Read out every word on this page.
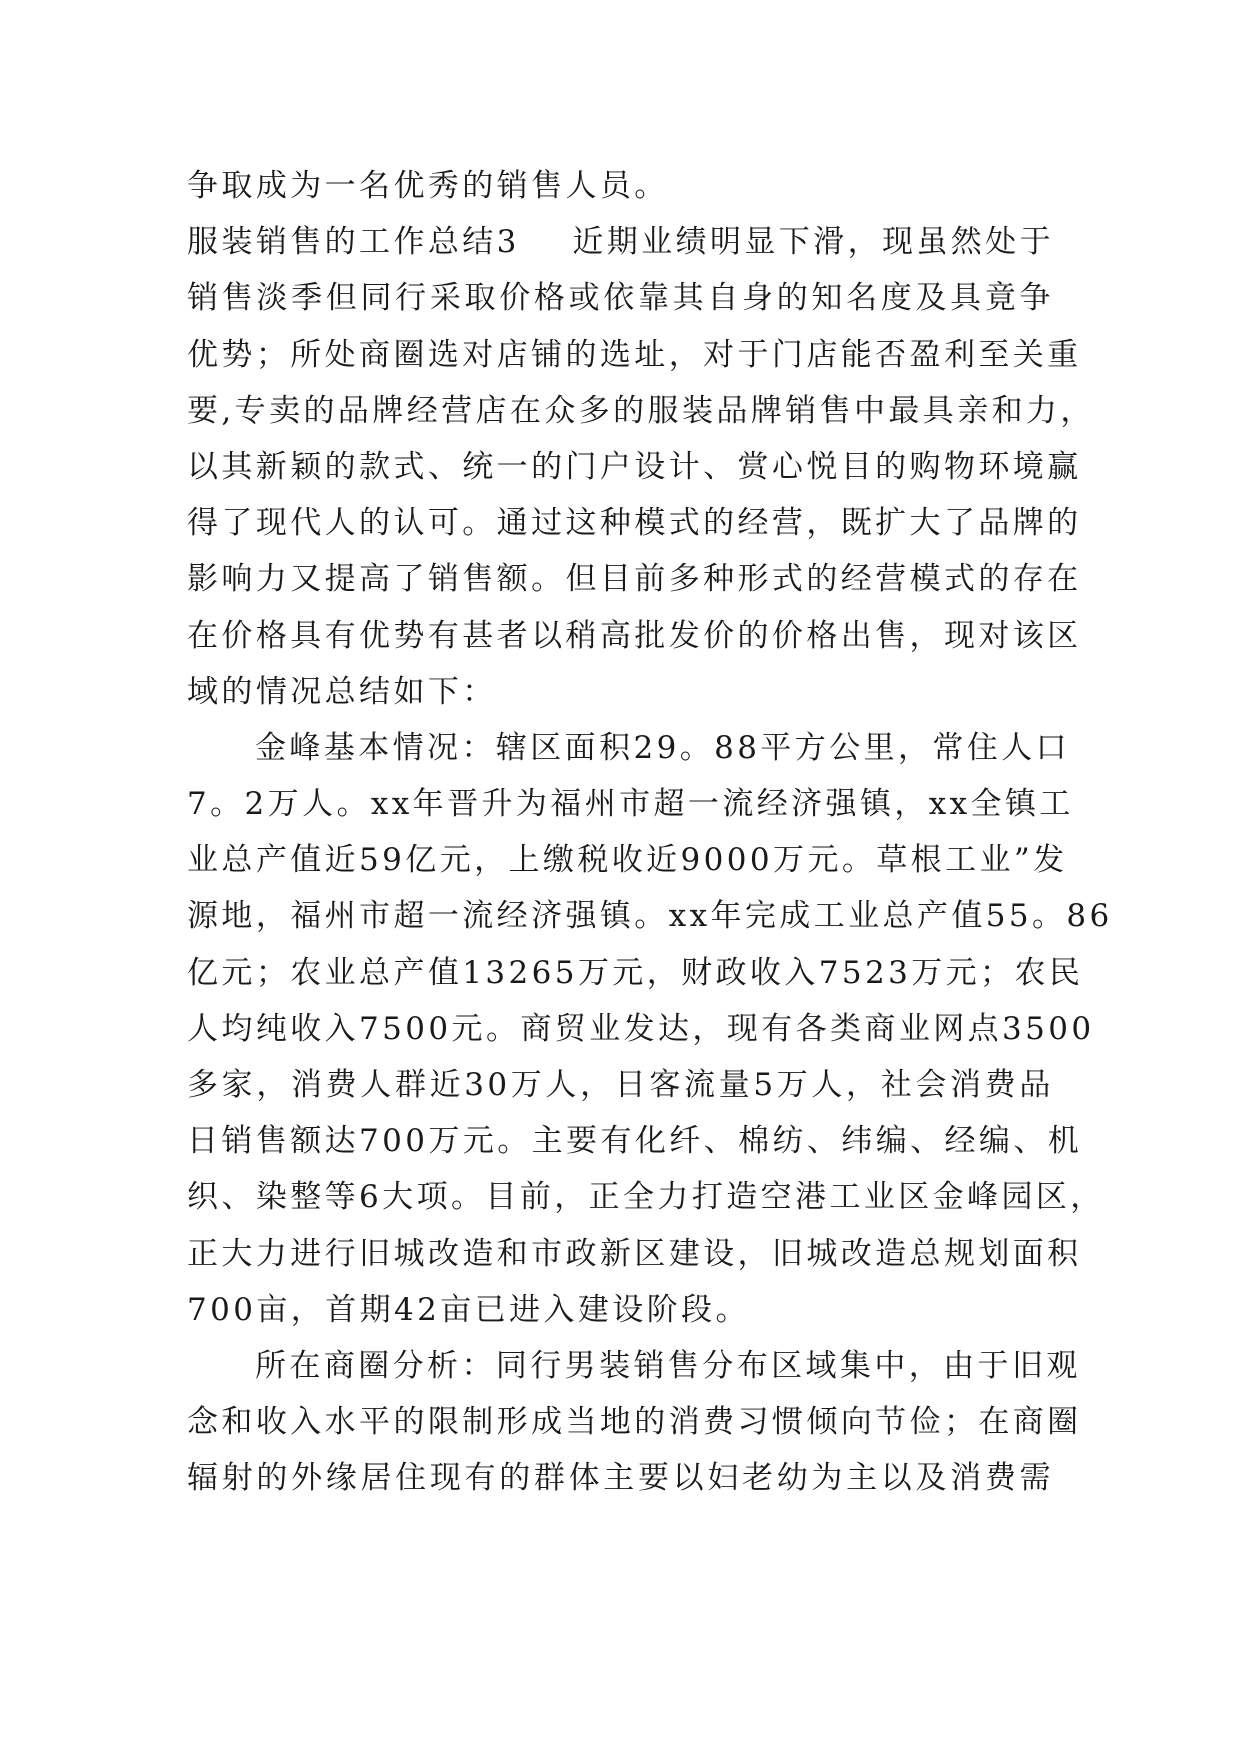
争 取 成 为 一 名 优 秀 的 销 售 人 员 。
服 装 销 售 的 工 作 总 结 3 近 期 业 绩 明 显 下 滑 ， 现 虽 然 处 于
销 售 淡 季 但 同 行 采 取 价 格 或 依 靠 其 自 身 的 知 名 度 及 具 竟 争
优 势 ； 所 处 商 圈 选 对 店 铺 的 选 址 ， 对 于 门 店 能 否 盈 利 至 关 重
要 , 专 卖 的 品 牌 经 营 店 在 众 多 的 服 装 品 牌 销 售 中 最 具 亲 和 力 ，
以 其 新 颖 的 款 式 、 统 一 的 门 户 设 计 、 赏 心 悦 目 的 购 物 环 境 赢
得 了 现 代 人 的 认 可 。 通 过 这 种 模 式 的 经 营 ， 既 扩 大 了 品 牌 的
影 响 力 又 提 高 了 销 售 额 。 但 目 前 多 种 形 式 的 经 营 模 式 的 存 在
在 价 格 具 有 优 势 有 甚 者 以 稍 高 批 发 价 的 价 格 出 售 ， 现 对 该 区
域 的 情 况 总 结 如 下 ：
金 峰 基 本 情 况 ： 辖 区 面 积 29 。 88 平 方 公 里 ， 常 住 人 口
7 。 2 万 人 。 xx 年 晋 升 为 福 州 市 超 一 流 经 济 强 镇 ， xx 全 镇 工
业 总 产 值 近 59 亿 元 ， 上 缴 税 收 近 9000 万 元 。 草 根 工 业 ” 发
源 地 ， 福 州 市 超 一 流 经 济 强 镇 。 xx 年 完 成 工 业 总 产 值 55 。 86
亿 元 ； 农 业 总 产 值 13265 万 元 ， 财 政 收 入 7523 万 元 ； 农 民
人 均 纯 收 入 7500 元 。 商 贸 业 发 达 ， 现 有 各 类 商 业 网 点 3500
多 家 ， 消 费 人 群 近 30 万 人 ， 日 客 流 量 5 万 人 ， 社 会 消 费 品
日 销 售 额 达 700 万 元 。 主 要 有 化 纤 、 棉 纺 、 纬 编 、 经 编 、 机
织 、 染 整 等 6 大 项 。 目 前 ， 正 全 力 打 造 空 港 工 业 区 金 峰 园 区 ，
正 大 力 进 行 旧 城 改 造 和 市 政 新 区 建 设 ， 旧 城 改 造 总 规 划 面 积
700 亩 ， 首 期 42 亩 已 进 入 建 设 阶 段 。
所 在 商 圈 分 析 ： 同 行 男 装 销 售 分 布 区 域 集 中 ， 由 于 旧 观
念 和 收 入 水 平 的 限 制 形 成 当 地 的 消 费 习 惯 倾 向 节 俭 ； 在 商 圈
辐 射 的 外 缘 居 住 现 有 的 群 体 主 要 以 妇 老 幼 为 主 以 及 消 费 需
